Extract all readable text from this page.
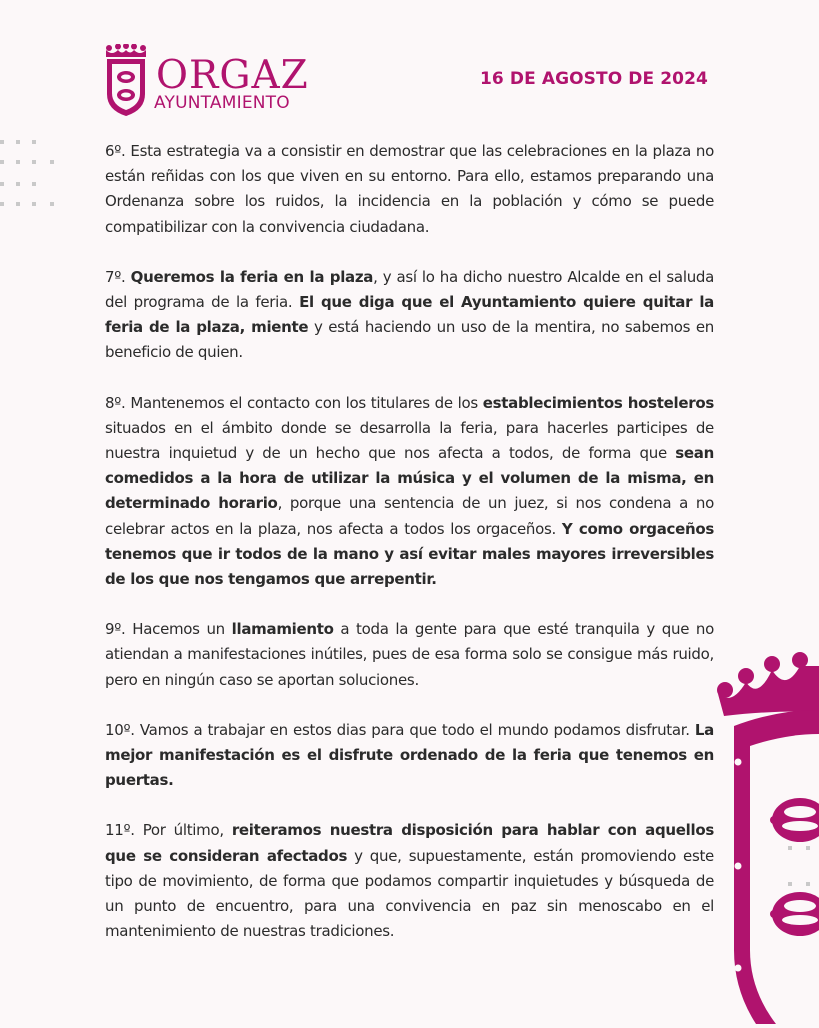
ORGAZ
AYUNTAMIENTO
16 DE AGOSTO DE 2024

6º. Esta estrategia va a consistir en demostrar que las celebraciones en la plaza no están reñidas con los que viven en su entorno. Para ello, estamos preparando una Ordenanza sobre los ruidos, la incidencia en la población y cómo se puede compatibilizar con la convivencia ciudadana.

7º. Queremos la feria en la plaza, y así lo ha dicho nuestro Alcalde en el saluda del programa de la feria. El que diga que el Ayuntamiento quiere quitar la feria de la plaza, miente y está haciendo un uso de la mentira, no sabemos en beneficio de quien.

8º. Mantenemos el contacto con los titulares de los establecimientos hosteleros situados en el ámbito donde se desarrolla la feria, para hacerles participes de nuestra inquietud y de un hecho que nos afecta a todos, de forma que sean comedidos a la hora de utilizar la música y el volumen de la misma, en determinado horario, porque una sentencia de un juez, si nos condena a no celebrar actos en la plaza, nos afecta a todos los orgaceños. Y como orgaceños tenemos que ir todos de la mano y así evitar males mayores irreversibles de los que nos tengamos que arrepentir.

9º. Hacemos un llamamiento a toda la gente para que esté tranquila y que no atiendan a manifestaciones inútiles, pues de esa forma solo se consigue más ruido, pero en ningún caso se aportan soluciones.

10º. Vamos a trabajar en estos dias para que todo el mundo podamos disfrutar. La mejor manifestación es el disfrute ordenado de la feria que tenemos en puertas.

11º. Por último, reiteramos nuestra disposición para hablar con aquellos que se consideran afectados y que, supuestamente, están promoviendo este tipo de movimiento, de forma que podamos compartir inquietudes y búsqueda de un punto de encuentro, para una convivencia en paz sin menoscabo en el mantenimiento de nuestras tradiciones.
